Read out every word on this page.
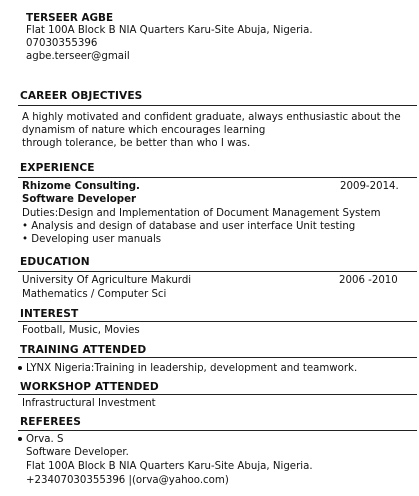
TERSEER AGBE
Flat 100A Block B NIA Quarters Karu-Site Abuja, Nigeria.
07030355396
agbe.terseer@gmail
CAREER OBJECTIVES
A highly motivated and confident graduate, always enthusiastic about the
dynamism of nature which encourages learning
through tolerance, be better than who I was.
EXPERIENCE
Rhizome Consulting.	2009-2014.
Software Developer
Duties:Design and Implementation of Document Management System
• Analysis and design of database and user interface Unit testing
• Developing user manuals
EDUCATION
University Of Agriculture Makurdi	2006 -2010
Mathematics / Computer Sci
INTEREST
Football, Music, Movies
TRAINING ATTENDED
LYNX Nigeria:Training in leadership, development and teamwork.
WORKSHOP ATTENDED
Infrastructural Investment
REFEREES
Orva. S
Software Developer.
Flat 100A Block B NIA Quarters Karu-Site Abuja, Nigeria.
+23407030355396 |(orva@yahoo.com)
